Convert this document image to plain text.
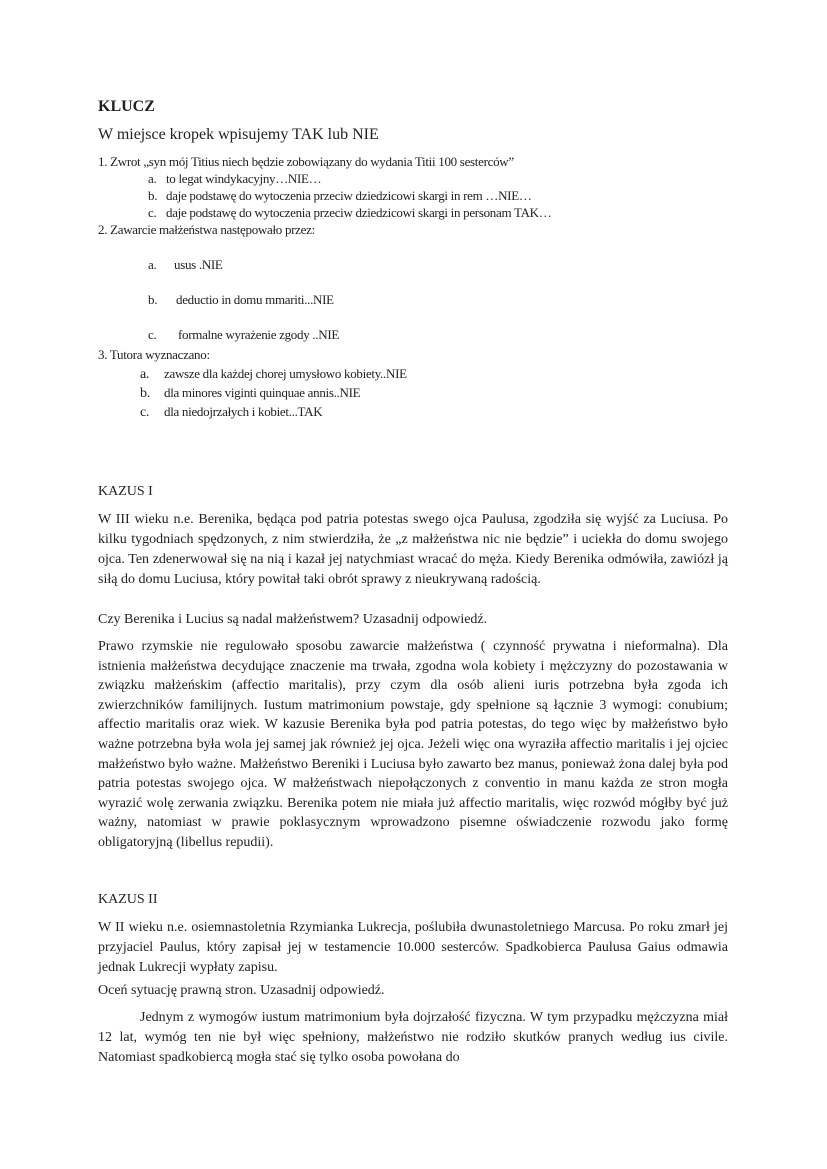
KLUCZ
W miejsce kropek wpisujemy TAK lub NIE
1. Zwrot „syn mój Titius niech będzie zobowiązany do wydania Titii 100 sesterców”
a. to legat windykacyjny…NIE…
b. daje podstawę do wytoczenia przeciw dziedzicowi skargi in rem …NIE…
c. daje podstawę do wytoczenia przeciw dziedzicowi skargi in personam TAK…
2. Zawarcie małżeństwa następowało przez:
a. usus .NIE
b. deductio in domu mmariti...NIE
c. formalne wyrażenie zgody ..NIE
3. Tutora wyznaczano:
a. zawsze dla każdej chorej umysłowo kobiety..NIE
b. dla minores viginti quinquae annis..NIE
c. dla niedojrzałych i kobiet...TAK
KAZUS I
W III wieku n.e. Berenika, będąca pod patria potestas swego ojca Paulusa, zgodziła się wyjść za Luciusa. Po kilku tygodniach spędzonych, z nim stwierdziła, że „z małżeństwa nic nie będzie” i uciekła do domu swojego ojca. Ten zdenerwował się na nią i kazał jej natychmiast wracać do męża. Kiedy Berenika odmówiła, zawiózł ją siłą do domu Luciusa, który powitał taki obrót sprawy z nieukrywaną radością.
Czy Berenika i Lucius są nadal małżeństwem? Uzasadnij odpowiedź.
Prawo rzymskie nie regulowało sposobu zawarcie małżeństwa ( czynność prywatna i nieformalna). Dla istnienia małżeństwa decydujące znaczenie ma trwała, zgodna wola kobiety i mężczyzny do pozostawania w związku małżeńskim (affectio maritalis), przy czym dla osób alieni iuris potrzebna była zgoda ich zwierzchników familijnych. Iustum matrimonium powstaje, gdy spełnione są łącznie 3 wymogi: conubium; affectio maritalis oraz wiek. W kazusie Berenika była pod patria potestas, do tego więc by małżeństwo było ważne potrzebna była wola jej samej jak również jej ojca. Jeżeli więc ona wyraziła affectio maritalis i jej ojciec małżeństwo było ważne. Małżeństwo Bereniki i Luciusa było zawarto bez manus, ponieważ żona dalej była pod patria potestas swojego ojca. W małżeństwach niepołączonych z conventio in manu każda ze stron mogła wyrazić wolę zerwania związku. Berenika potem nie miała już affectio maritalis, więc rozwód mógłby być już ważny, natomiast w prawie poklasycznym wprowadzono pisemne oświadczenie rozwodu jako formę obligatoryjną (libellus repudii).
KAZUS II
W II wieku n.e. osiemnastoletnia Rzymianka Lukrecja, poślubiła dwunastoletniego Marcusa. Po roku zmarł jej przyjaciel Paulus, który zapisał jej w testamencie 10.000 sesterców. Spadkobierca Paulusa Gaius odmawia jednak Lukrecji wypłaty zapisu.
Oceń sytuację prawną stron. Uzasadnij odpowiedź.
Jednym z wymogów iustum matrimonium była dojrzałość fizyczna. W tym przypadku mężczyzna miał 12 lat, wymóg ten nie był więc spełniony, małżeństwo nie rodziło skutków pranych według ius civile. Natomiast spadkobiercą mogła stać się tylko osoba powołana do
